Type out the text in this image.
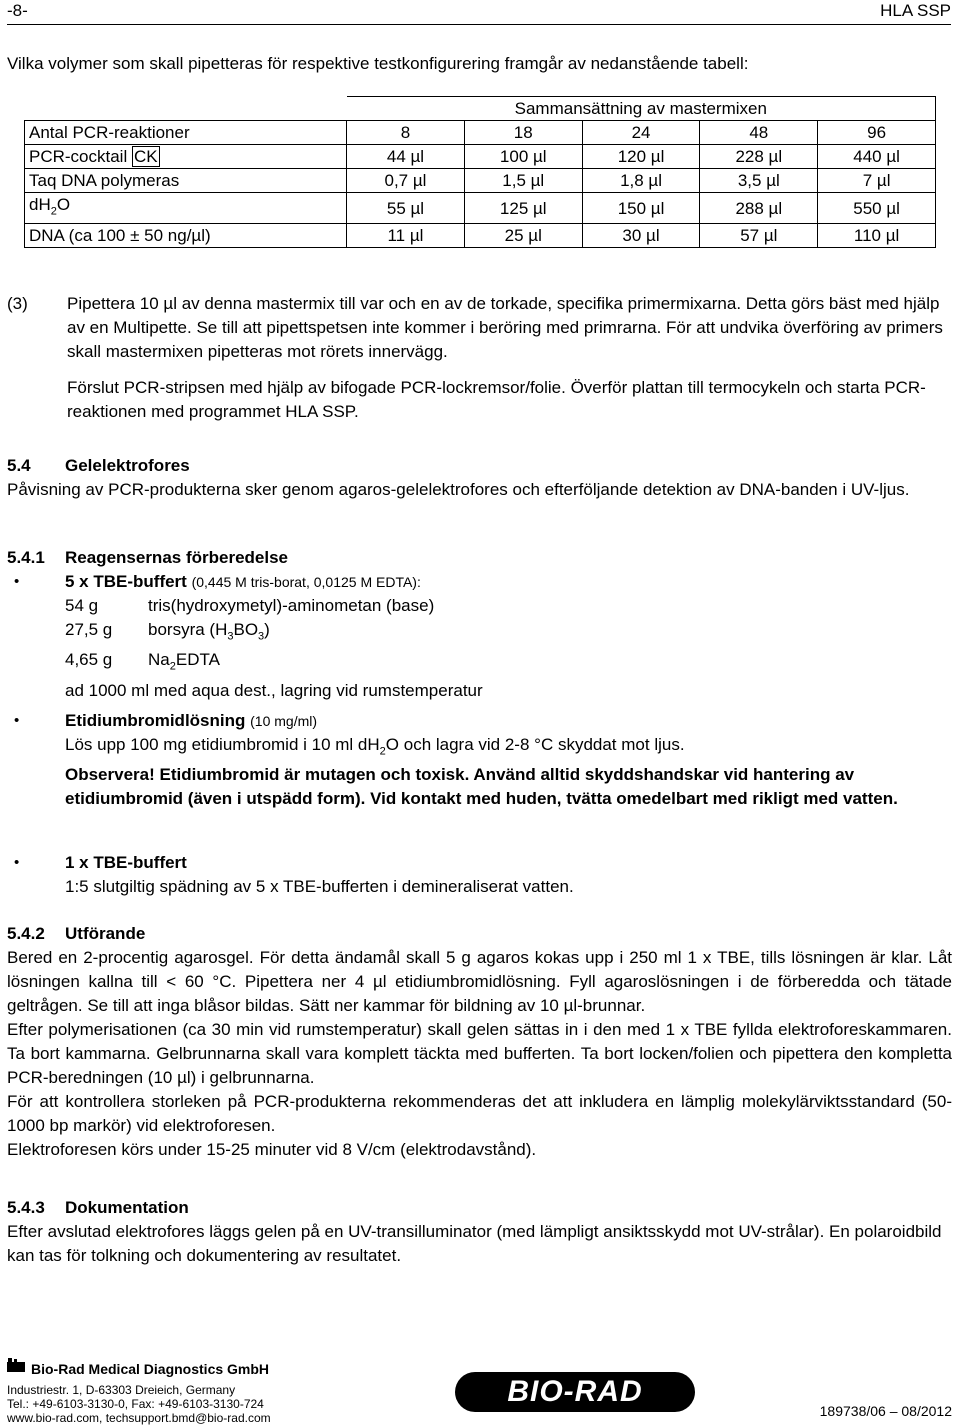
-8-	HLA SSP
Vilka volymer som skall pipetteras för respektive testkonfigurering framgår av nedanstående tabell:
	Sammansättning av mastermixen				
Antal PCR-reaktioner	8	18	24	48	96
PCR-cocktail CK	44 µl	100 µl	120 µl	228 µl	440 µl
Taq DNA polymeras	0,7 µl	1,5 µl	1,8 µl	3,5 µl	7 µl
$dH_2O$	55 µl	125 µl	150 µl	288 µl	550 µl
DNA (ca 100 ± 50 ng/µl)	11 µl	25 µl	30 µl	57 µl	110 µl
(3) Pipettera 10 µl av denna mastermix till var och en av de torkade, specifika primermixarna. Detta görs bäst med hjälp av en Multipette. Se till att pipettspetsen inte kommer i beröring med primrarna. För att undvika överföring av primers skall mastermixen pipetteras mot rörets innervägg.
Förslut PCR-stripsen med hjälp av bifogade PCR-lockremsor/folie. Överför plattan till termocykeln och starta PCR-reaktionen med programmet HLA SSP.
5.4 Gelelektrofores
Påvisning av PCR-produkterna sker genom agaros-gelelektrofores och efterföljande detektion av DNA-banden i UV-ljus.
5.4.1 Reagensernas förberedelse
•	5 x TBE-buffert (0,445 M tris-borat, 0,0125 M EDTA):
54 g	tris(hydroxymetyl)-aminometan (base)
27,5 g borsyra $(H_3BO_3)$
4,65 g $Na_2EDTA$
ad 1000 ml med aqua dest., lagring vid rumstemperatur
•	Etidiumbromidlösning (10 mg/ml)
Lös upp 100 mg etidiumbromid i 10 ml $dH_2O$ och lagra vid 2-8 °C skyddat mot ljus.
Observera! Etidiumbromid är mutagen och toxisk. Använd alltid skyddshandskar vid hantering av etidiumbromid (även i utspädd form). Vid kontakt med huden, tvätta omedelbart med rikligt med vatten.
•	1 x TBE-buffert
1:5 slutgiltig spädning av 5 x TBE-bufferten i demineraliserat vatten.
5.4.2 Utförande
Bered en 2-procentig agarosgel. För detta ändamål skall 5 g agaros kokas upp i 250 ml 1 x TBE, tills lösningen är klar. Låt lösningen kallna till < 60 °C. Pipettera ner 4 µl etidiumbromidlösning. Fyll agaroslösningen i de förberedda och tätade geltrågen. Se till att inga blåsor bildas. Sätt ner kammar för bildning av 10 µl-brunnar.
Efter polymerisationen (ca 30 min vid rumstemperatur) skall gelen sättas in i den med 1 x TBE fyllda elektroforeskammaren. Ta bort kammarna. Gelbrunnarna skall vara komplett täckta med bufferten. Ta bort locken/folien och pipettera den kompletta PCR-beredningen (10 µl) i gelbrunnarna.
För att kontrollera storleken på PCR-produkterna rekommenderas det att inkludera en lämplig molekylärviktsstandard (50-1000 bp markör) vid elektroforesen.
Elektroforesen körs under 15-25 minuter vid 8 V/cm (elektrodavstånd).
5.4.3 Dokumentation
Efter avslutad elektrofores läggs gelen på en UV-transilluminator (med lämpligt ansiktsskydd mot UV-strålar). En polaroidbild kan tas för tolkning och dokumentering av resultatet.
Bio-Rad Medical Diagnostics GmbH
Industriestr. 1, D-63303 Dreieich, Germany
Tel.: +49-6103-3130-0, Fax: +49-6103-3130-724
www.bio-rad.com, techsupport.bmd@bio-rad.com
BIO-RAD
189738/06 – 08/2012
